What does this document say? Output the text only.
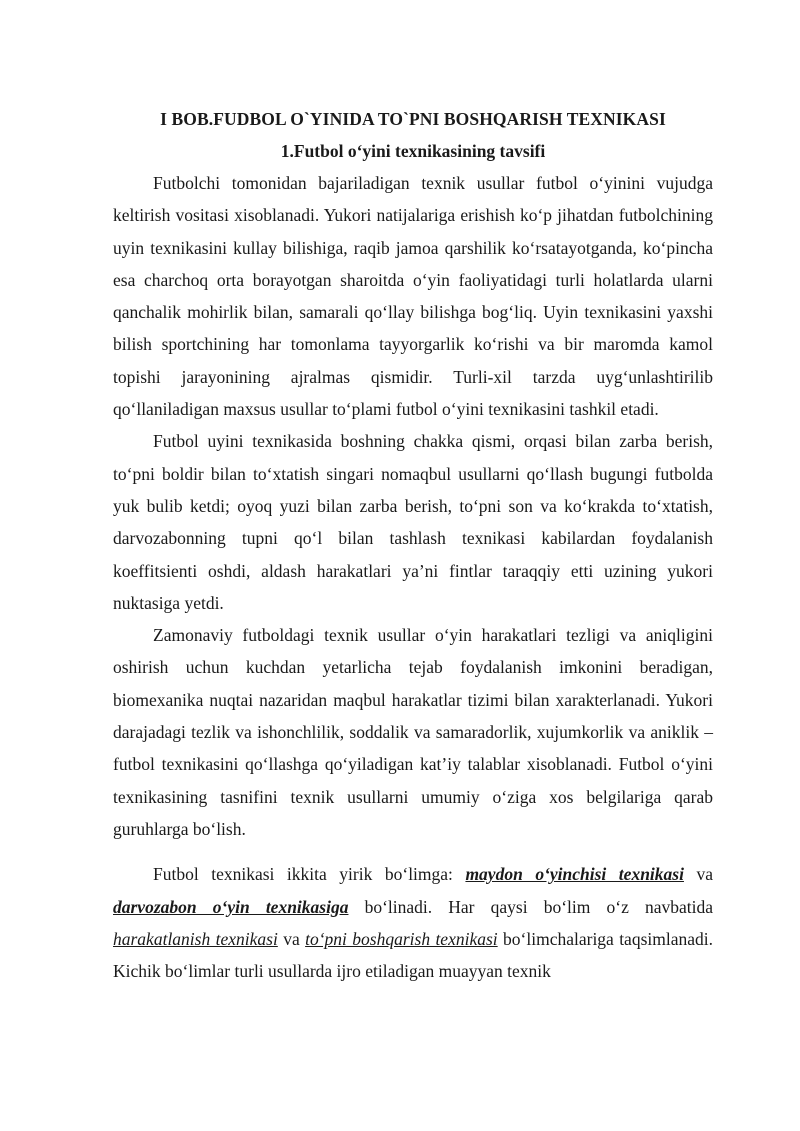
I BOB.FUDBOL O`YINIDA TO`PNI BOSHQARISH TEXNIKASI
1.Futbol o‘yini texnikasining tavsifi

Futbolchi tomonidan bajariladigan texnik usullar futbol o‘yinini vujudga keltirish vositasi xisoblanadi. Yukori natijalariga erishish ko‘p jihatdan futbolchining uyin texnikasini kullay bilishiga, raqib jamoa qarshilik ko‘rsatayotganda, ko‘pincha esa charchoq orta borayotgan sharoitda o‘yin faoliyatidagi turli holatlarda ularni qanchalik mohirlik bilan, samarali qo‘llay bilishga bog‘liq. Uyin texnikasini yaxshi bilish sportchining har tomonlama tayyorgarlik ko‘rishi va bir maromda kamol topishi jarayonining ajralmas qismidir. Turli-xil tarzda uyg‘unlashtirilib qo‘llaniladigan maxsus usullar to‘plami futbol o‘yini texnikasini tashkil etadi.

Futbol uyini texnikasida boshning chakka qismi, orqasi bilan zarba berish, to‘pni boldir bilan to‘xtatish singari nomaqbul usullarni qo‘llash bugungi futbolda yuk bulib ketdi; oyoq yuzi bilan zarba berish, to‘pni son va ko‘krakda to‘xtatish, darvozabonning tupni qo‘l bilan tashlash texnikasi kabilardan foydalanish koeffitsienti oshdi, aldash harakatlari ya’ni fintlar taraqqiy etti uzining yukori nuktasiga yetdi.

Zamonaviy futboldagi texnik usullar o‘yin harakatlari tezligi va aniqligini oshirish uchun kuchdan yetarlicha tejab foydalanish imkonini beradigan, biomexanika nuqtai nazaridan maqbul harakatlar tizimi bilan xarakterlanadi. Yukori darajadagi tezlik va ishonchlilik, soddalik va samaradorlik, xujumkorlik va aniklik – futbol texnikasini qo‘llashga qo‘yiladigan kat’iy talablar xisoblanadi. Futbol o‘yini texnikasining tasnifini texnik usullarni umumiy o‘ziga xos belgilariga qarab guruhlarga bo‘lish.

Futbol texnikasi ikkita yirik bo‘limga: maydon o‘yinchisi texnikasi va darvozabon o‘yin texnikasiga bo‘linadi. Har qaysi bo‘lim o‘z navbatida harakatlanish texnikasi va to‘pni boshqarish texnikasi bo‘limchalariga taqsimlanadi. Kichik bo‘limlar turli usullarda ijro etiladigan muayyan texnik
